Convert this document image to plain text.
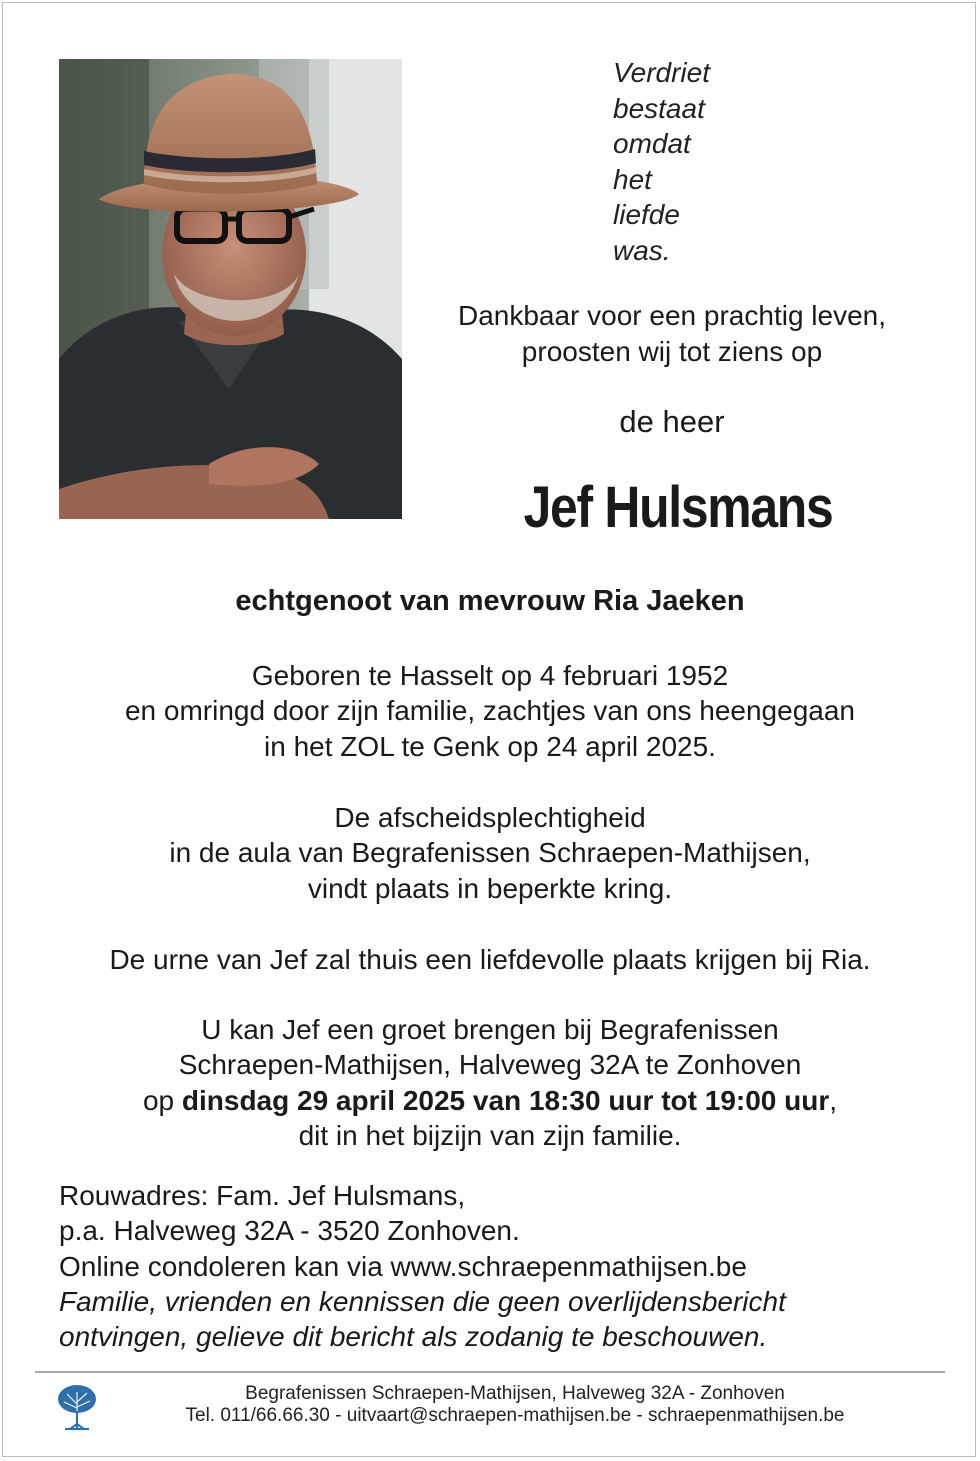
Verdriet
bestaat
omdat
het
liefde
was.
Dankbaar voor een prachtig leven,
proosten wij tot ziens op
de heer
Jef Hulsmans
echtgenoot van mevrouw Ria Jaeken
Geboren te Hasselt op 4 februari 1952
en omringd door zijn familie, zachtjes van ons heengegaan
in het ZOL te Genk op 24 april 2025.
De afscheidsplechtigheid
in de aula van Begrafenissen Schraepen-Mathijsen,
vindt plaats in beperkte kring.
De urne van Jef zal thuis een liefdevolle plaats krijgen bij Ria.
U kan Jef een groet brengen bij Begrafenissen
Schraepen-Mathijsen, Halveweg 32A te Zonhoven
op dinsdag 29 april 2025 van 18:30 uur tot 19:00 uur,
dit in het bijzijn van zijn familie.
Rouwadres: Fam. Jef Hulsmans,
p.a. Halveweg 32A - 3520 Zonhoven.
Online condoleren kan via www.schraepenmathijsen.be
Familie, vrienden en kennissen die geen overlijdensbericht
ontvingen, gelieve dit bericht als zodanig te beschouwen.
Begrafenissen Schraepen-Mathijsen, Halveweg 32A - Zonhoven
Tel. 011/66.66.30 - uitvaart@schraepen-mathijsen.be - schraepenmathijsen.be
